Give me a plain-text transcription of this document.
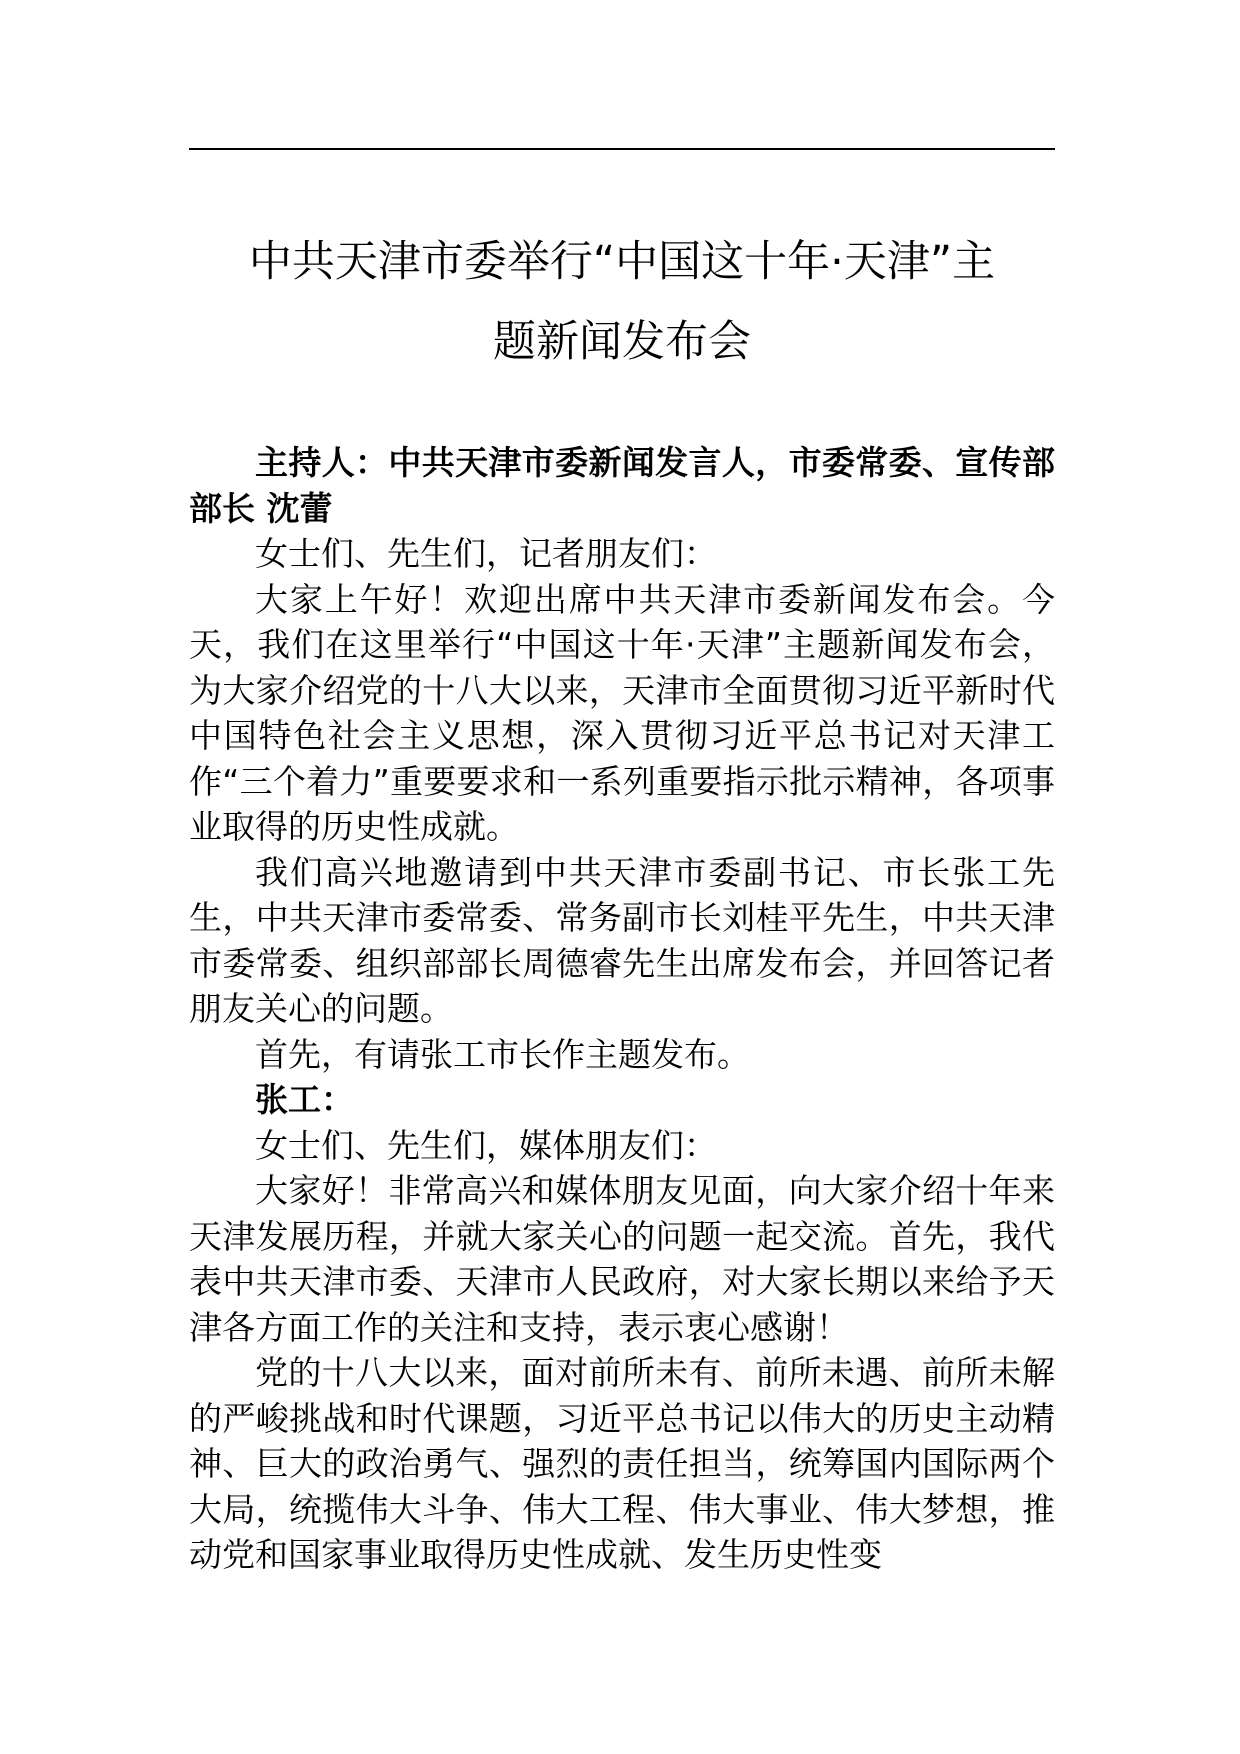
中共天津市委举行“中国这十年·天津”主
题新闻发布会

主持人：中共天津市委新闻发言人，市委常委、宣传部部长 沈蕾

女士们、先生们，记者朋友们：

大家上午好！欢迎出席中共天津市委新闻发布会。今天，我们在这里举行“中国这十年·天津”主题新闻发布会，为大家介绍党的十八大以来，天津市全面贯彻习近平新时代中国特色社会主义思想，深入贯彻习近平总书记对天津工作“三个着力”重要要求和一系列重要指示批示精神，各项事业取得的历史性成就。

我们高兴地邀请到中共天津市委副书记、市长张工先生，中共天津市委常委、常务副市长刘桂平先生，中共天津市委常委、组织部部长周德睿先生出席发布会，并回答记者朋友关心的问题。

首先，有请张工市长作主题发布。

张工：

女士们、先生们，媒体朋友们：

大家好！非常高兴和媒体朋友见面，向大家介绍十年来天津发展历程，并就大家关心的问题一起交流。首先，我代表中共天津市委、天津市人民政府，对大家长期以来给予天津各方面工作的关注和支持，表示衷心感谢！

党的十八大以来，面对前所未有、前所未遇、前所未解的严峻挑战和时代课题，习近平总书记以伟大的历史主动精神、巨大的政治勇气、强烈的责任担当，统筹国内国际两个大局，统揽伟大斗争、伟大工程、伟大事业、伟大梦想，推动党和国家事业取得历史性成就、发生历史性变
